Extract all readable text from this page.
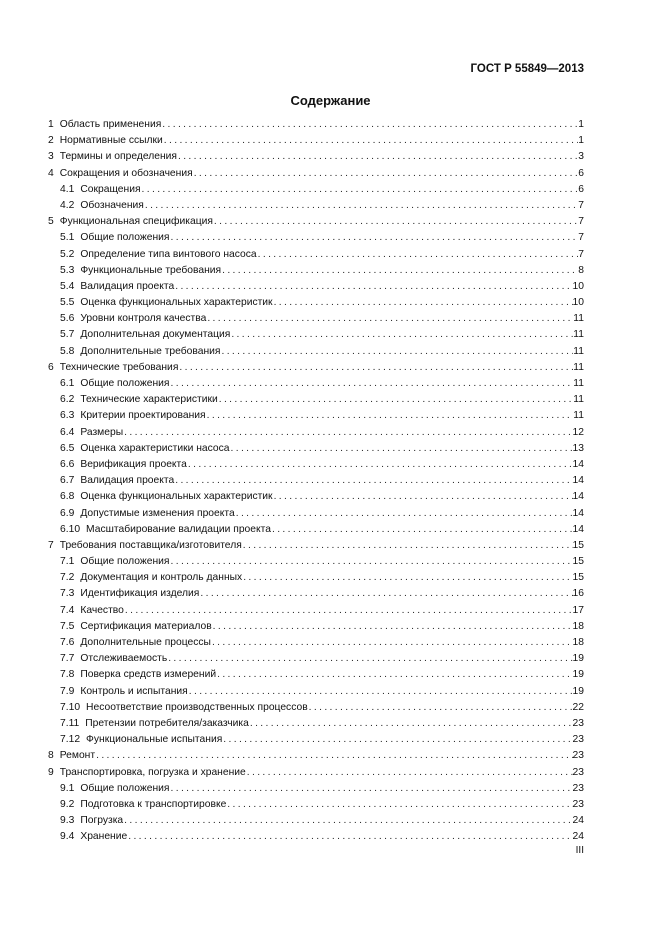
ГОСТ Р 55849—2013
Содержание
1 Область применения . . .	1
2 Нормативные ссылки . . .	1
3 Термины и определения . . .	3
4 Сокращения и обозначения . . .	6
4.1 Сокращения . . .	6
4.2 Обозначения . . .	7
5 Функциональная спецификация . . .	7
5.1 Общие положения . . .	7
5.2 Определение типа винтового насоса . . .	7
5.3 Функциональные требования . . .	8
5.4 Валидация проекта . . .	10
5.5 Оценка функциональных характеристик . . .	10
5.6 Уровни контроля качества . . .	11
5.7 Дополнительная документация . . .	11
5.8 Дополнительные требования . . .	11
6 Технические требования . . .	11
6.1 Общие положения . . .	11
6.2 Технические характеристики . . .	11
6.3 Критерии проектирования . . .	11
6.4 Размеры . . .	12
6.5 Оценка характеристики насоса . . .	13
6.6 Верификация проекта . . .	14
6.7 Валидация проекта . . .	14
6.8 Оценка функциональных характеристик . . .	14
6.9 Допустимые изменения проекта . . .	14
6.10 Масштабирование валидации проекта . . .	14
7 Требования поставщика/изготовителя . . .	15
7.1 Общие положения . . .	15
7.2 Документация и контроль данных . . .	15
7.3 Идентификация изделия . . .	16
7.4 Качество . . .	17
7.5 Сертификация материалов . . .	18
7.6 Дополнительные процессы . . .	18
7.7 Отслеживаемость . . .	19
7.8 Поверка средств измерений . . .	19
7.9 Контроль и испытания . . .	19
7.10 Несоответствие производственных процессов . . .	22
7.11 Претензии потребителя/заказчика . . .	23
7.12 Функциональные испытания . . .	23
8 Ремонт . . .	23
9 Транспортировка, погрузка и хранение . . .	23
9.1 Общие положения . . .	23
9.2 Подготовка к транспортировке . . .	23
9.3 Погрузка . . .	24
9.4 Хранение . . .	24
III
